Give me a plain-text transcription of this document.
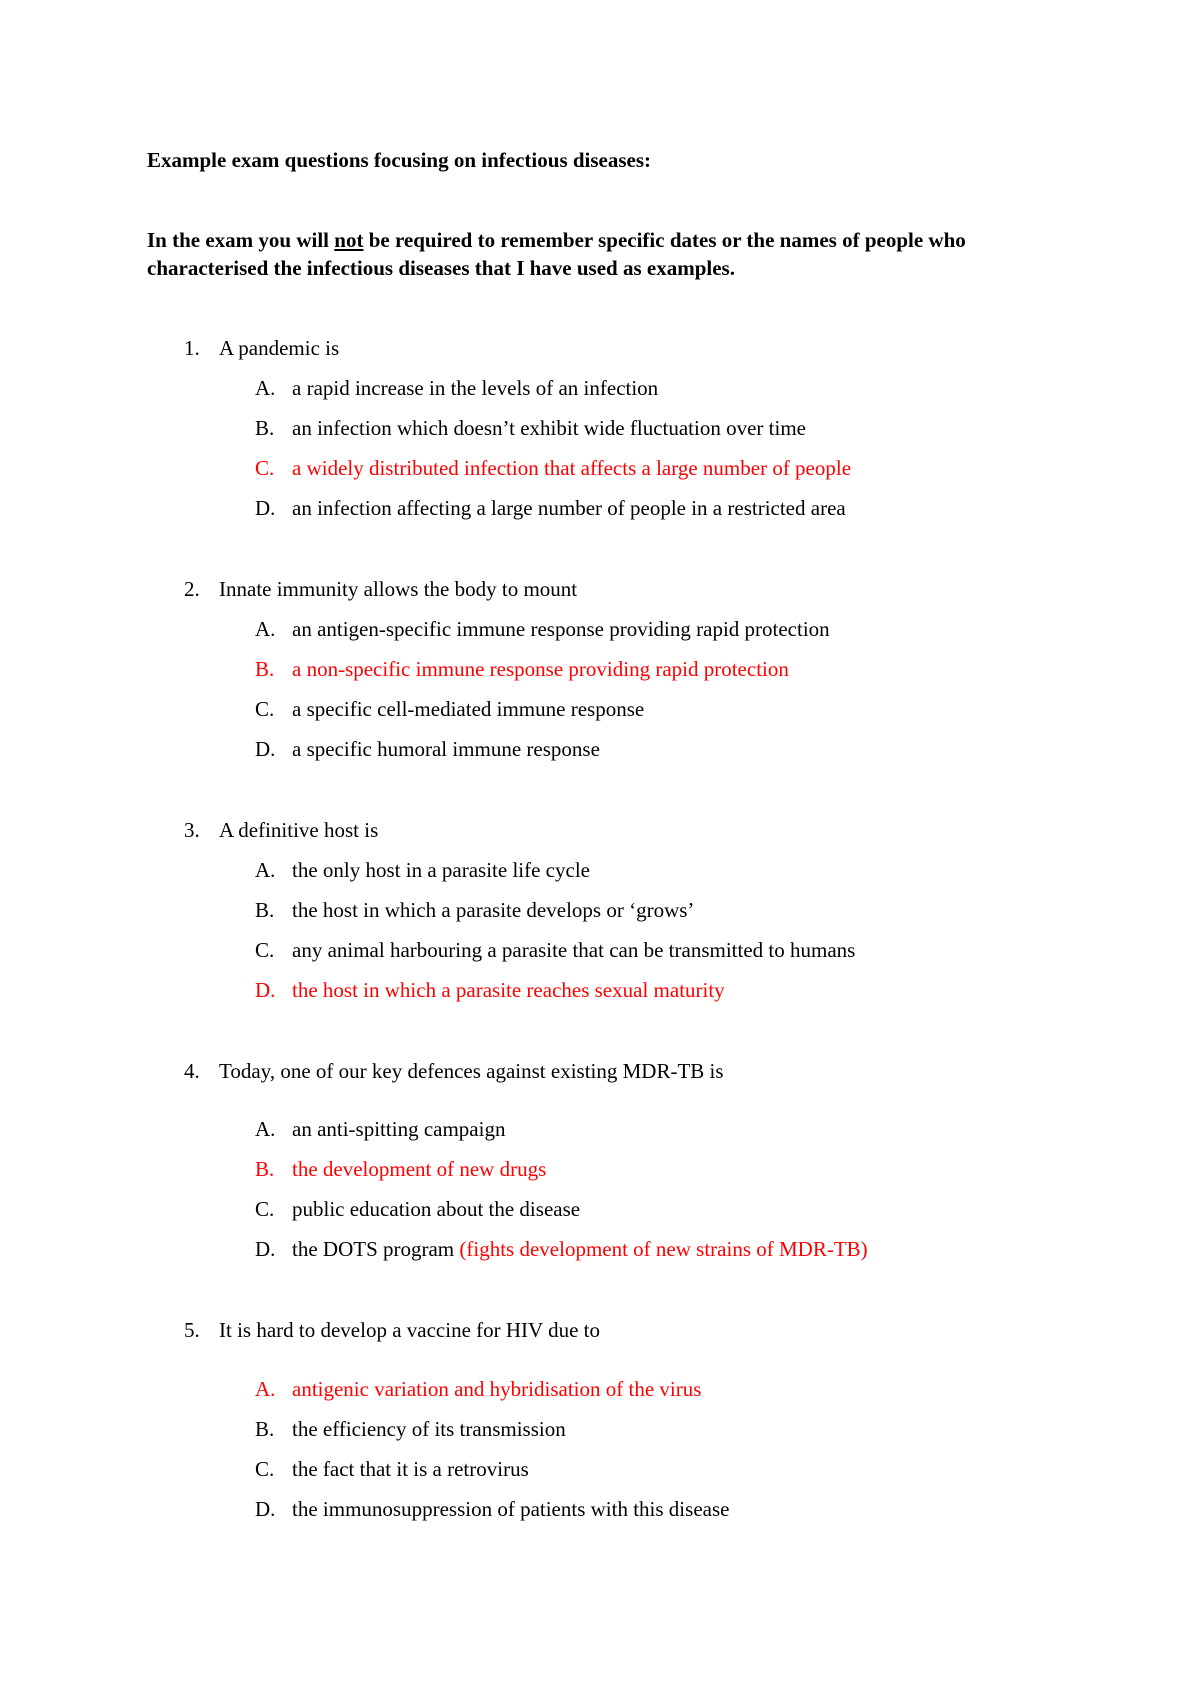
Example exam questions focusing on infectious diseases:
In the exam you will not be required to remember specific dates or the names of people who characterised the infectious diseases that I have used as examples.
1. A pandemic is
A. a rapid increase in the levels of an infection
B. an infection which doesn’t exhibit wide fluctuation over time
C. a widely distributed infection that affects a large number of people
D. an infection affecting a large number of people in a restricted area
2. Innate immunity allows the body to mount
A. an antigen-specific immune response providing rapid protection
B. a non-specific immune response providing rapid protection
C. a specific cell-mediated immune response
D. a specific humoral immune response
3. A definitive host is
A. the only host in a parasite life cycle
B. the host in which a parasite develops or ‘grows’
C. any animal harbouring a parasite that can be transmitted to humans
D. the host in which a parasite reaches sexual maturity
4. Today, one of our key defences against existing MDR-TB is
A. an anti-spitting campaign
B. the development of new drugs
C. public education about the disease
D. the DOTS program (fights development of new strains of MDR-TB)
5. It is hard to develop a vaccine for HIV due to
A. antigenic variation and hybridisation of the virus
B. the efficiency of its transmission
C. the fact that it is a retrovirus
D. the immunosuppression of patients with this disease
